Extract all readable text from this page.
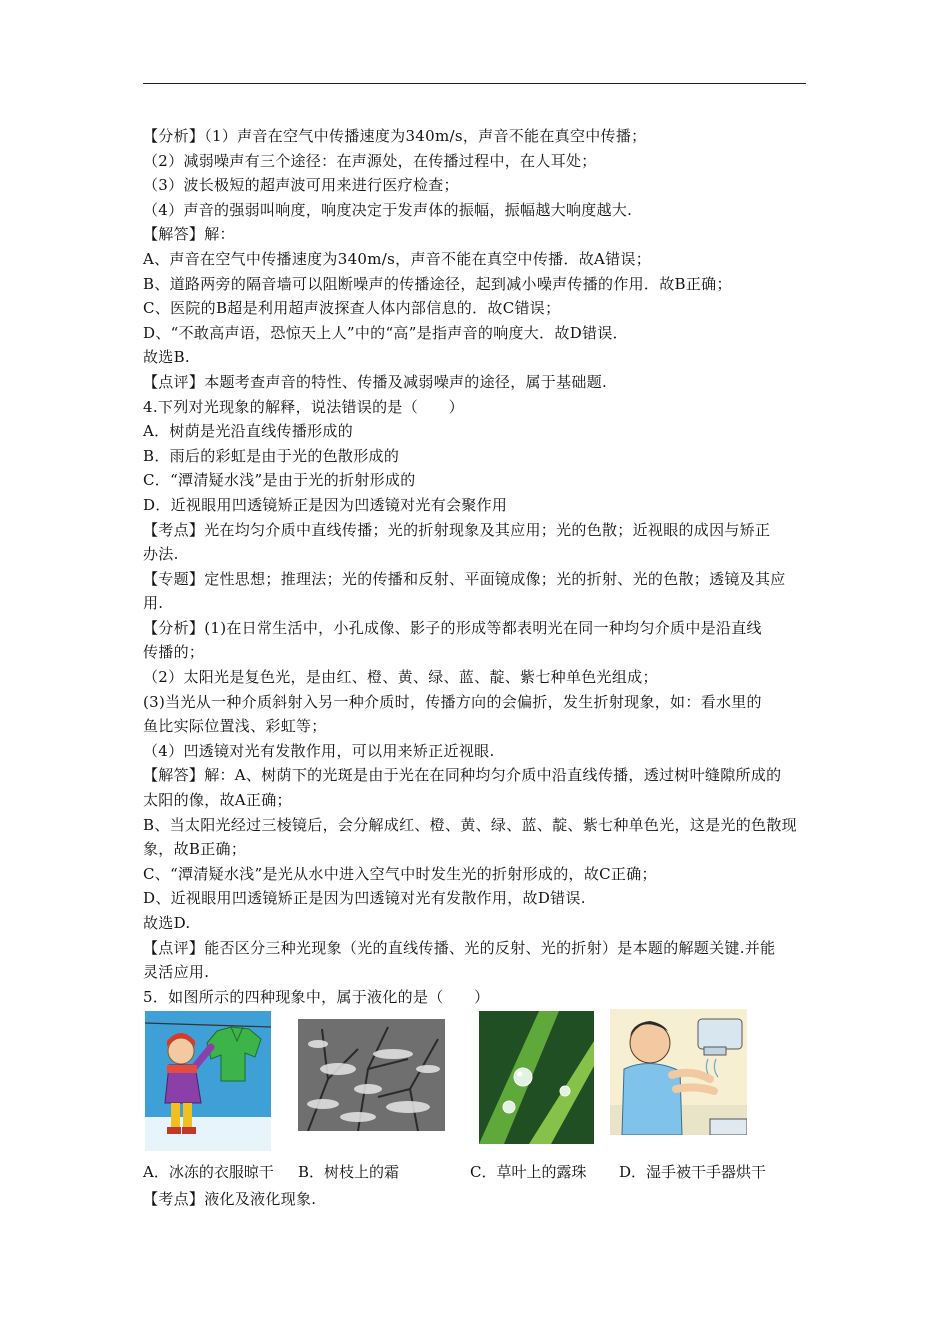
【分析】（1）声音在空气中传播速度为340m/s，声音不能在真空中传播；
（2）减弱噪声有三个途径：在声源处，在传播过程中，在人耳处；
（3）波长极短的超声波可用来进行医疗检查；
（4）声音的强弱叫响度，响度决定于发声体的振幅，振幅越大响度越大.
【解答】解：
A、声音在空气中传播速度为340m/s，声音不能在真空中传播．故A错误；
B、道路两旁的隔音墙可以阻断噪声的传播途径，起到减小噪声传播的作用．故B正确；
C、医院的B超是利用超声波探查人体内部信息的．故C错误；
D、“不敢高声语，恐惊天上人”中的“高”是指声音的响度大．故D错误．
故选B.
【点评】本题考查声音的特性、传播及减弱噪声的途径，属于基础题.
4.下列对光现象的解释，说法错误的是（　　）
A．树荫是光沿直线传播形成的
B．雨后的彩虹是由于光的色散形成的
C．“潭清疑水浅”是由于光的折射形成的
D．近视眼用凹透镜矫正是因为凹透镜对光有会聚作用
【考点】光在均匀介质中直线传播；光的折射现象及其应用；光的色散；近视眼的成因与矫正
办法.
【专题】定性思想；推理法；光的传播和反射、平面镜成像；光的折射、光的色散；透镜及其应
用.
【分析】(1)在日常生活中，小孔成像、影子的形成等都表明光在同一种均匀介质中是沿直线
传播的；
（2）太阳光是复色光，是由红、橙、黄、绿、蓝、靛、紫七种单色光组成；
(3)当光从一种介质斜射入另一种介质时，传播方向的会偏折，发生折射现象，如：看水里的
鱼比实际位置浅、彩虹等；
（4）凹透镜对光有发散作用，可以用来矫正近视眼.
【解答】解：A、树荫下的光斑是由于光在在同种均匀介质中沿直线传播，透过树叶缝隙所成的
太阳的像，故A正确；
B、当太阳光经过三棱镜后，会分解成红、橙、黄、绿、蓝、靛、紫七种单色光，这是光的色散现
象，故B正确；
C、“潭清疑水浅”是光从水中进入空气中时发生光的折射形成的，故C正确；
D、近视眼用凹透镜矫正是因为凹透镜对光有发散作用，故D错误.
故选D.
【点评】能否区分三种光现象（光的直线传播、光的反射、光的折射）是本题的解题关键.并能
灵活应用.
5．如图所示的四种现象中，属于液化的是（　　）
A．冰冻的衣服晾干 B．树枝上的霜	C．草叶上的露珠 D．湿手被干手器烘干
【考点】液化及液化现象.
